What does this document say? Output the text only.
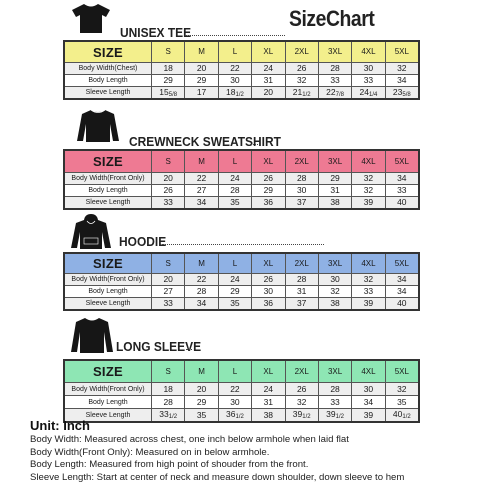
SizeChart
UNISEX TEE
SIZE	S	M	L	XL	2XL	3XL	4XL	5XL
Body Width(Chest)	18	20	22	24	26	28	30	32
Body Length	29	29	30	31	32	33	33	34
Sleeve Length	155/8	17	181/2	20	211/2	227/8	241/4	235/8
CREWNECK SWEATSHIRT
SIZE	S	M	L	XL	2XL	3XL	4XL	5XL
Body Width(Front Only)	20	22	24	26	28	29	32	34
Body Length	26	27	28	29	30	31	32	33
Sleeve Length	33	34	35	36	37	38	39	40
HOODIE
SIZE	S	M	L	XL	2XL	3XL	4XL	5XL
Body Width(Front Only)	20	22	24	26	28	30	32	34
Body Length	27	28	29	30	31	32	33	34
Sleeve Length	33	34	35	36	37	38	39	40
LONG SLEEVE
SIZE	S	M	L	XL	2XL	3XL	4XL	5XL
Body Width(Front Only)	18	20	22	24	26	28	30	32
Body Length	28	29	30	31	32	33	34	35
Sleeve Length	331/2	35	361/2	38	391/2	391/2	39	401/2
Unit: Inch
Body Width: Measured across chest, one inch below armhole when laid flat
Body Width(Front Only): Measured on in below armhole.
Body Length: Measured from high point of shouder from the front.
Sleeve Length: Start at center of neck and measure down shoulder, down sleeve to hem
